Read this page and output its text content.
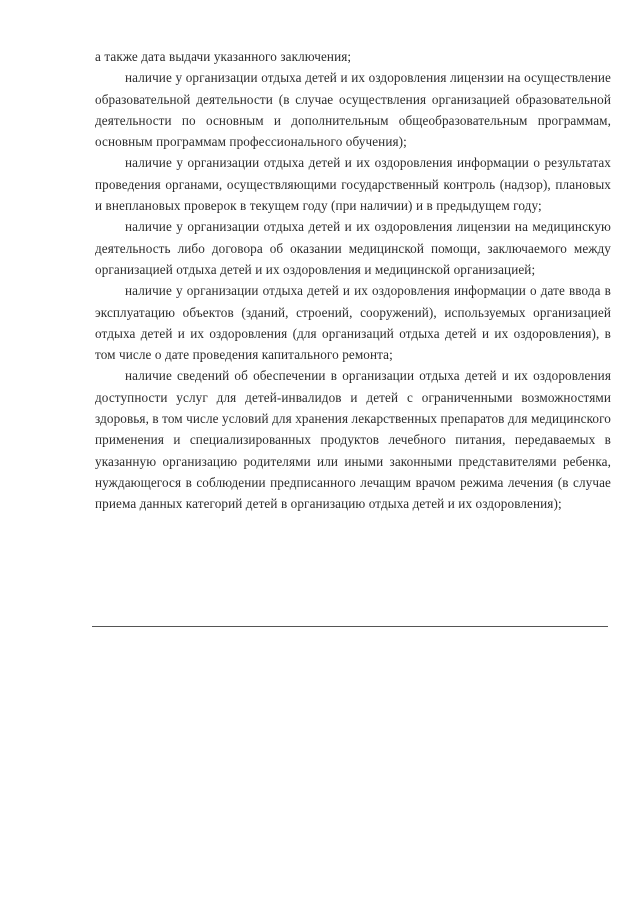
а также дата выдачи указанного заключения;

наличие у организации отдыха детей и их оздоровления лицензии на осуществление образовательной деятельности (в случае осуществления организацией образовательной деятельности по основным и дополнительным общеобразовательным программам, основным программам профессионального обучения);

наличие у организации отдыха детей и их оздоровления информации о результатах проведения органами, осуществляющими государственный контроль (надзор), плановых и внеплановых проверок в текущем году (при наличии) и в предыдущем году;

наличие у организации отдыха детей и их оздоровления лицензии на медицинскую деятельность либо договора об оказании медицинской помощи, заключаемого между организацией отдыха детей и их оздоровления и медицинской организацией;

наличие у организации отдыха детей и их оздоровления информации о дате ввода в эксплуатацию объектов (зданий, строений, сооружений), используемых организацией отдыха детей и их оздоровления (для организаций отдыха детей и их оздоровления), в том числе о дате проведения капитального ремонта;

наличие сведений об обеспечении в организации отдыха детей и их оздоровления доступности услуг для детей-инвалидов и детей с ограниченными возможностями здоровья, в том числе условий для хранения лекарственных препаратов для медицинского применения и специализированных продуктов лечебного питания, передаваемых в указанную организацию родителями или иными законными представителями ребенка, нуждающегося в соблюдении предписанного лечащим врачом режима лечения (в случае приема данных категорий детей в организацию отдыха детей и их оздоровления);
